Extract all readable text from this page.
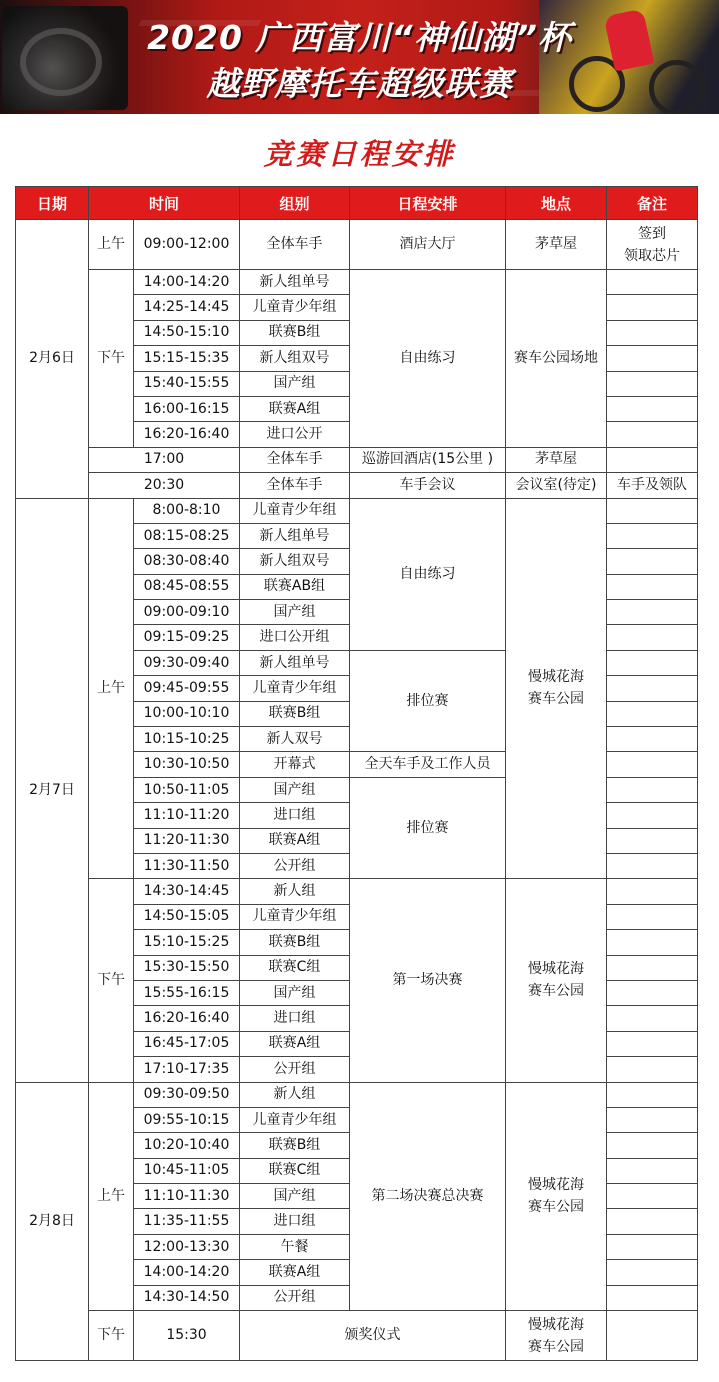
2020 广西富川“神仙湖”杯
越野摩托车超级联赛
竞赛日程安排
日期	时间		组别	日程安排	地点	备注
2月6日	上午	09:00-12:00	全体车手	酒店大厅	茅草屋	签到
领取芯片
	下午	14:00-14:20	新人组单号	自由练习	赛车公园场地	
		14:25-14:45	儿童青少年组			
		14:50-15:10	联赛B组			
		15:15-15:35	新人组双号			
		15:40-15:55	国产组			
		16:00-16:15	联赛A组			
		16:20-16:40	进口公开			
	17:00		全体车手	巡游回酒店(15公里 )	茅草屋	
	20:30		全体车手	车手会议	会议室(待定)	车手及领队
2月7日	上午	8:00-8:10	儿童青少年组	自由练习	慢城花海
赛车公园	
		08:15-08:25	新人组单号			
		08:30-08:40	新人组双号			
		08:45-08:55	联赛AB组			
		09:00-09:10	国产组			
		09:15-09:25	进口公开组			
		09:30-09:40	新人组单号	排位赛		
		09:45-09:55	儿童青少年组			
		10:00-10:10	联赛B组			
		10:15-10:25	新人双号			
		10:30-10:50	开幕式	全天车手及工作人员		
		10:50-11:05	国产组	排位赛		
		11:10-11:20	进口组			
		11:20-11:30	联赛A组			
		11:30-11:50	公开组			
	下午	14:30-14:45	新人组	第一场决赛	慢城花海
赛车公园	
		14:50-15:05	儿童青少年组			
		15:10-15:25	联赛B组			
		15:30-15:50	联赛C组			
		15:55-16:15	国产组			
		16:20-16:40	进口组			
		16:45-17:05	联赛A组			
		17:10-17:35	公开组			
2月8日	上午	09:30-09:50	新人组	第二场决赛总决赛	慢城花海
赛车公园	
		09:55-10:15	儿童青少年组			
		10:20-10:40	联赛B组			
		10:45-11:05	联赛C组			
		11:10-11:30	国产组			
		11:35-11:55	进口组			
		12:00-13:30	午餐			
		14:00-14:20	联赛A组			
		14:30-14:50	公开组			
	下午	15:30	颁奖仪式		慢城花海
赛车公园	
